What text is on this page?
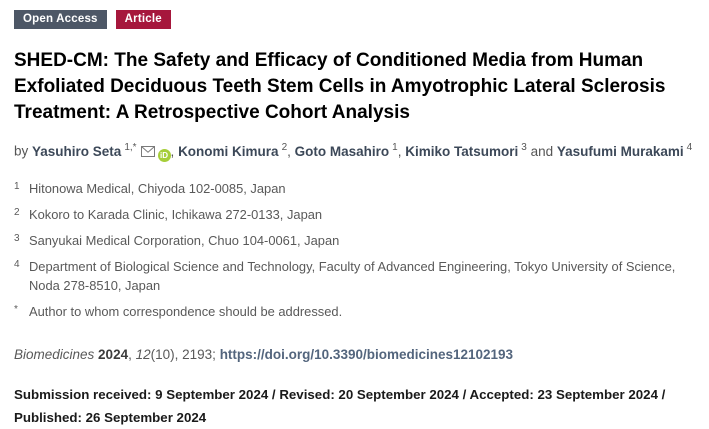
Open Access	Article
SHED-CM: The Safety and Efficacy of Conditioned Media from Human Exfoliated Deciduous Teeth Stem Cells in Amyotrophic Lateral Sclerosis Treatment: A Retrospective Cohort Analysis
by Yasuhiro Seta $^{1,*}$iD , Konomi Kimura $^2$, Goto Masahiro $^1$, Kimiko Tatsumori $^3$ and Yasufumi Murakami $^4$
1 Hitonowa Medical, Chiyoda 102-0085, Japan
2 Kokoro to Karada Clinic, Ichikawa 272-0133, Japan
3 Sanyukai Medical Corporation, Chuo 104-0061, Japan
4 Department of Biological Science and Technology, Faculty of Advanced Engineering, Tokyo University of Science, Noda 278-8510, Japan
* Author to whom correspondence should be addressed.

Biomedicines 2024, 12(10), 2193; https://doi.org/10.3390/biomedicines12102193

Submission received: 9 September 2024 / Revised: 20 September 2024 / Accepted: 23 September 2024 / Published: 26 September 2024
